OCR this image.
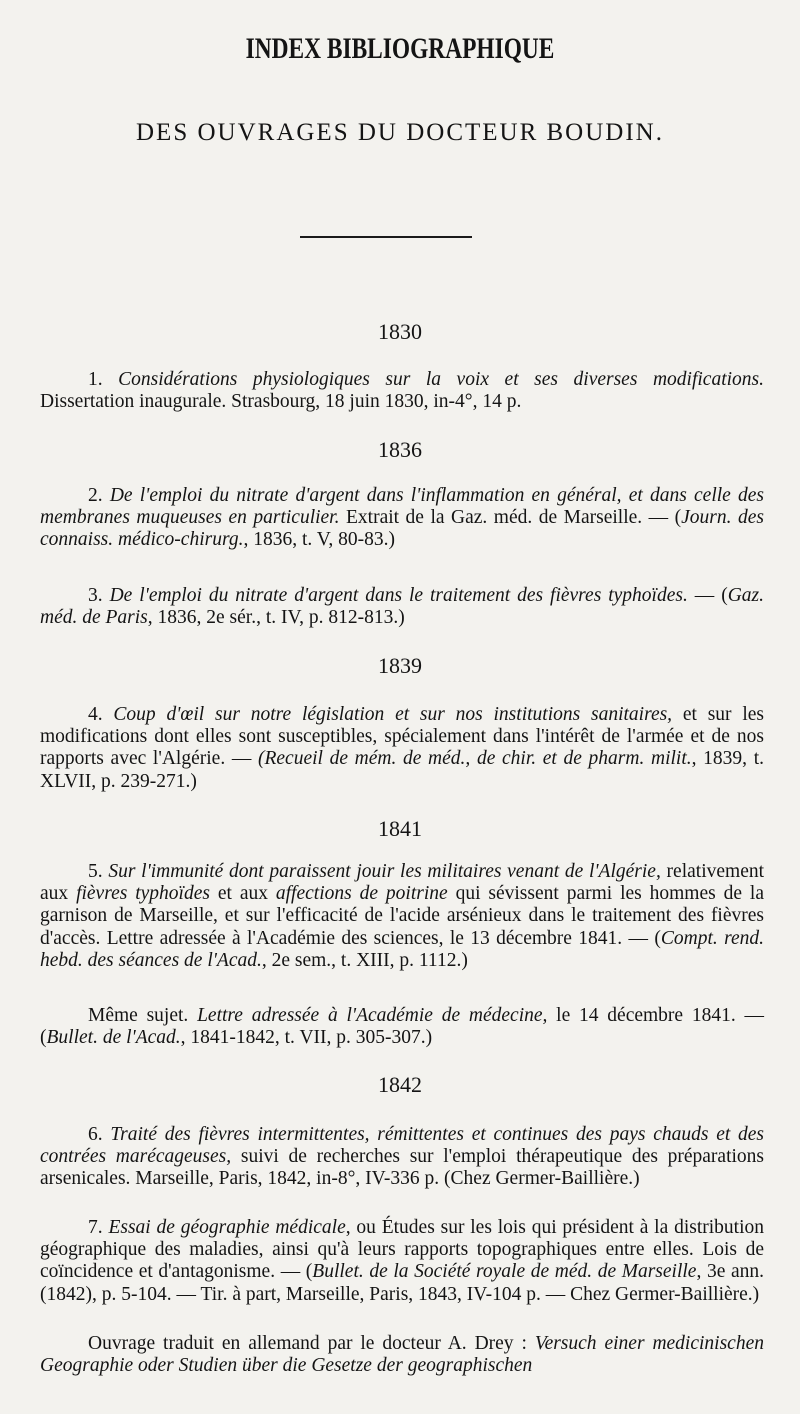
INDEX BIBLIOGRAPHIQUE
DES OUVRAGES DU DOCTEUR BOUDIN.
1830
1. Considérations physiologiques sur la voix et ses diverses modifications. Dissertation inaugurale. Strasbourg, 18 juin 1830, in-4°, 14 p.
1836
2. De l'emploi du nitrate d'argent dans l'inflammation en général, et dans celle des membranes muqueuses en particulier. Extrait de la Gaz. méd. de Marseille. — (Journ. des connaiss. médico-chirurg., 1836, t. V, 80-83.)
3. De l'emploi du nitrate d'argent dans le traitement des fièvres typhoïdes. — (Gaz. méd. de Paris, 1836, 2e sér., t. IV, p. 812-813.)
1839
4. Coup d'œil sur notre législation et sur nos institutions sanitaires, et sur les modifications dont elles sont susceptibles, spécialement dans l'intérêt de l'armée et de nos rapports avec l'Algérie. — (Recueil de mém. de méd., de chir. et de pharm. milit., 1839, t. XLVII, p. 239-271.)
1841
5. Sur l'immunité dont paraissent jouir les militaires venant de l'Algérie, relativement aux fièvres typhoïdes et aux affections de poitrine qui sévissent parmi les hommes de la garnison de Marseille, et sur l'efficacité de l'acide arsénieux dans le traitement des fièvres d'accès. Lettre adressée à l'Académie des sciences, le 13 décembre 1841. — (Compt. rend. hebd. des séances de l'Acad., 2e sem., t. XIII, p. 1112.)
Même sujet. Lettre adressée à l'Académie de médecine, le 14 décembre 1841. — (Bullet. de l'Acad., 1841-1842, t. VII, p. 305-307.)
1842
6. Traité des fièvres intermittentes, rémittentes et continues des pays chauds et des contrées marécageuses, suivi de recherches sur l'emploi thérapeutique des préparations arsenicales. Marseille, Paris, 1842, in-8°, IV-336 p. (Chez Germer-Baillière.)
7. Essai de géographie médicale, ou Études sur les lois qui président à la distribution géographique des maladies, ainsi qu'à leurs rapports topographiques entre elles. Lois de coïncidence et d'antagonisme. — (Bullet. de la Société royale de méd. de Marseille, 3e ann. (1842), p. 5-104. — Tir. à part, Marseille, Paris, 1843, IV-104 p. — Chez Germer-Baillière.)
Ouvrage traduit en allemand par le docteur A. Drey : Versuch einer medicinischen Geographie oder Studien über die Gesetze der geographischen
